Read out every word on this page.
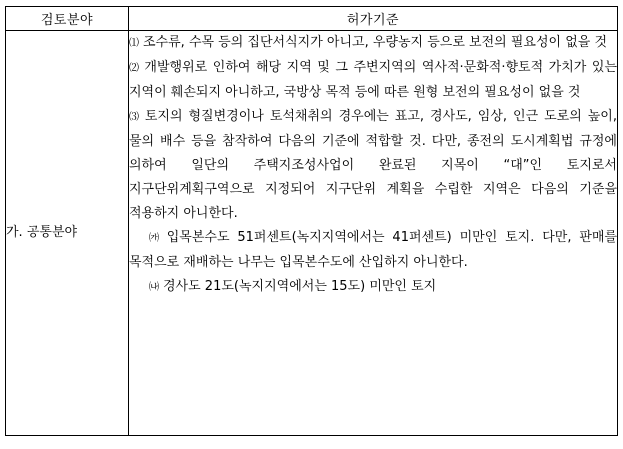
검토분야	허가기준
가. 공통분야	⑴ 조수류, 수목 등의 집단서식지가 아니고, 우량농지 등으로 보전의 필요성이 없을 것

⑵ 개발행위로 인하여 해당 지역 및 그 주변지역의 역사적·문화적·향토적 가치가 있는 지역이 훼손되지 아니하고, 국방상 목적 등에 따른 원형 보전의 필요성이 없을 것

⑶ 토지의 형질변경이나 토석채취의 경우에는 표고, 경사도, 임상, 인근 도로의 높이, 물의 배수 등을 참작하여 다음의 기준에 적합할 것. 다만, 종전의 도시계획법 규정에 의하여 일단의 주택지조성사업이 완료된 지목이 “대”인 토지로서 지구단위계획구역으로 지정되어 지구단위 계획을 수립한 지역은 다음의 기준을 적용하지 아니한다.

㈎ 입목본수도 51퍼센트(녹지지역에서는 41퍼센트) 미만인 토지. 다만, 판매를 목적으로 재배하는 나무는 입목본수도에 산입하지 아니한다.

㈏ 경사도 21도(녹지지역에서는 15도) 미만인 토지
